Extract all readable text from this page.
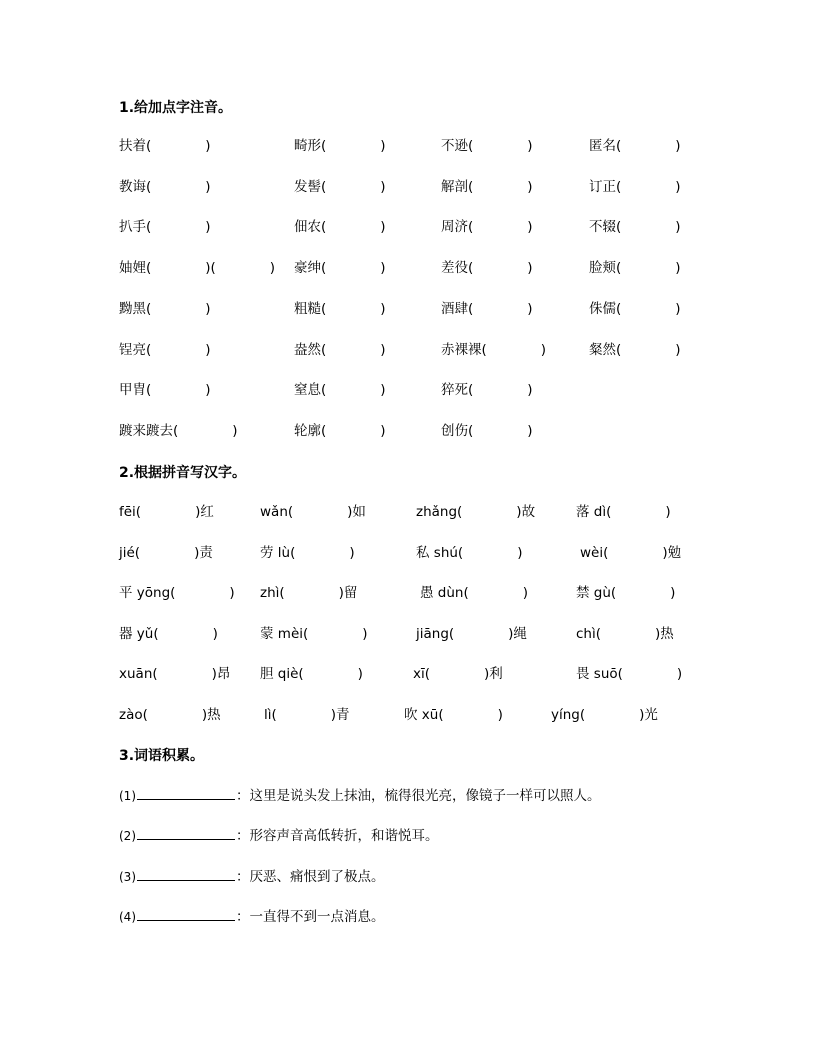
1.给加点字注音。
扶着(    )	畸形(    )	不逊(    )	匿名(    )
教诲(    )	发髻(    )	解剖(    )	订正(    )
扒手(    )	佃农(    )	周济(    )	不辍(    )
妯娌(    )(    ) 豪绅(    )	差役(    )	脸颊(    )
黝黑(    )	粗糙(    )	酒肆(    )	侏儒(    )
锃亮(    )	盎然(    )	赤裸裸(    )	粲然(    )
甲胄(    )	窒息(    )	猝死(    )
踱来踱去(    )	轮廓(    )	创伤(    )
2.根据拼音写汉字。
fēi(    )红	wǎn(    )如	zhǎng(    )故	落 dì(    )
jié(    )责	劳 lù(    )	私 shú(    )	wèi(    )勉
平 yōng(    ) zhì(    )留	愚 dùn(    )	禁 gù(    )
器 yǔ(    )	蒙 mèi(    )	jiāng(    )绳	chì(    )热
xuān(    )昂 胆 qiè(    )	xī(    )利	畏 suō(    )
zào(    )热	lì(    )青	吹 xū(    )	yíng(    )光
3.词语积累。
(1)	：这里是说头发上抹油，梳得很光亮，像镜子一样可以照人。
(2)	：形容声音高低转折，和谐悦耳。
(3)	：厌恶、痛恨到了极点。
(4)	：一直得不到一点消息。
